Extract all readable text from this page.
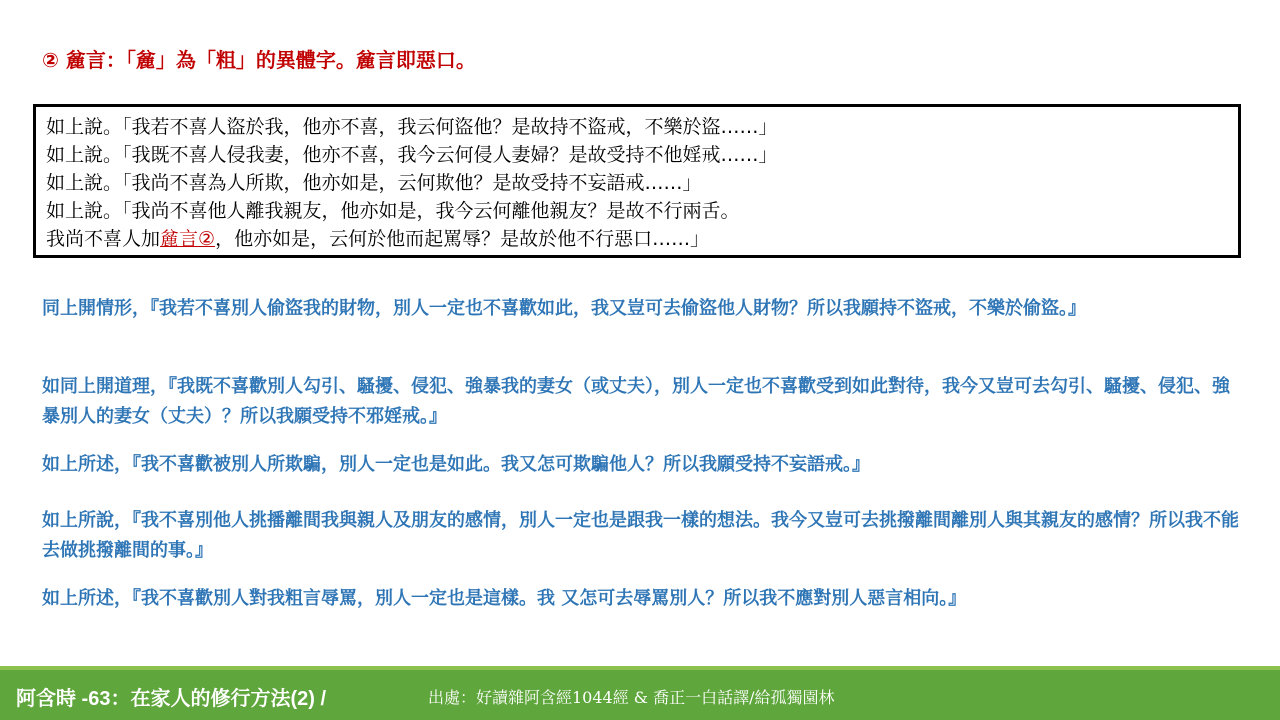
② 麄言：「麄」為「粗」的異體字。麄言即惡口。
如上說。「我若不喜人盜於我，他亦不喜，我云何盜他？是故持不盜戒，不樂於盜……」
如上說。「我既不喜人侵我妻，他亦不喜，我今云何侵人妻婦？是故受持不他婬戒……」
如上說。「我尚不喜為人所欺，他亦如是，云何欺他？是故受持不妄語戒……」
如上說。「我尚不喜他人離我親友，他亦如是，我今云何離他親友？是故不行兩舌。
我尚不喜人加麄言②，他亦如是，云何於他而起罵辱？是故於他不行惡口……」
同上開情形，『我若不喜別人偷盜我的財物，別人一定也不喜歡如此，我又豈可去偷盜他人財物？所以我願持不盜戒，不樂於偷盜。』
如同上開道理，『我既不喜歡別人勾引、騷擾、侵犯、強暴我的妻女（或丈夫），別人一定也不喜歡受到如此對待，我今又豈可去勾引、騷擾、侵犯、強暴別人的妻女（丈夫）？所以我願受持不邪婬戒。』
如上所述，『我不喜歡被別人所欺騙，別人一定也是如此。我又怎可欺騙他人？所以我願受持不妄語戒。』
如上所說，『我不喜別他人挑播離間我與親人及朋友的感情，別人一定也是跟我一樣的想法。我今又豈可去挑撥離間離別人與其親友的感情？所以我不能去做挑撥離間的事。』
如上所述，『我不喜歡別人對我粗言辱罵，別人一定也是這樣。我 又怎可去辱罵別人？所以我不應對別人惡言相向。』
阿含時 -63：在家人的修行方法(2) /	出處：好讀雜阿含經1044經 & 喬正一白話譯/給孤獨園林
